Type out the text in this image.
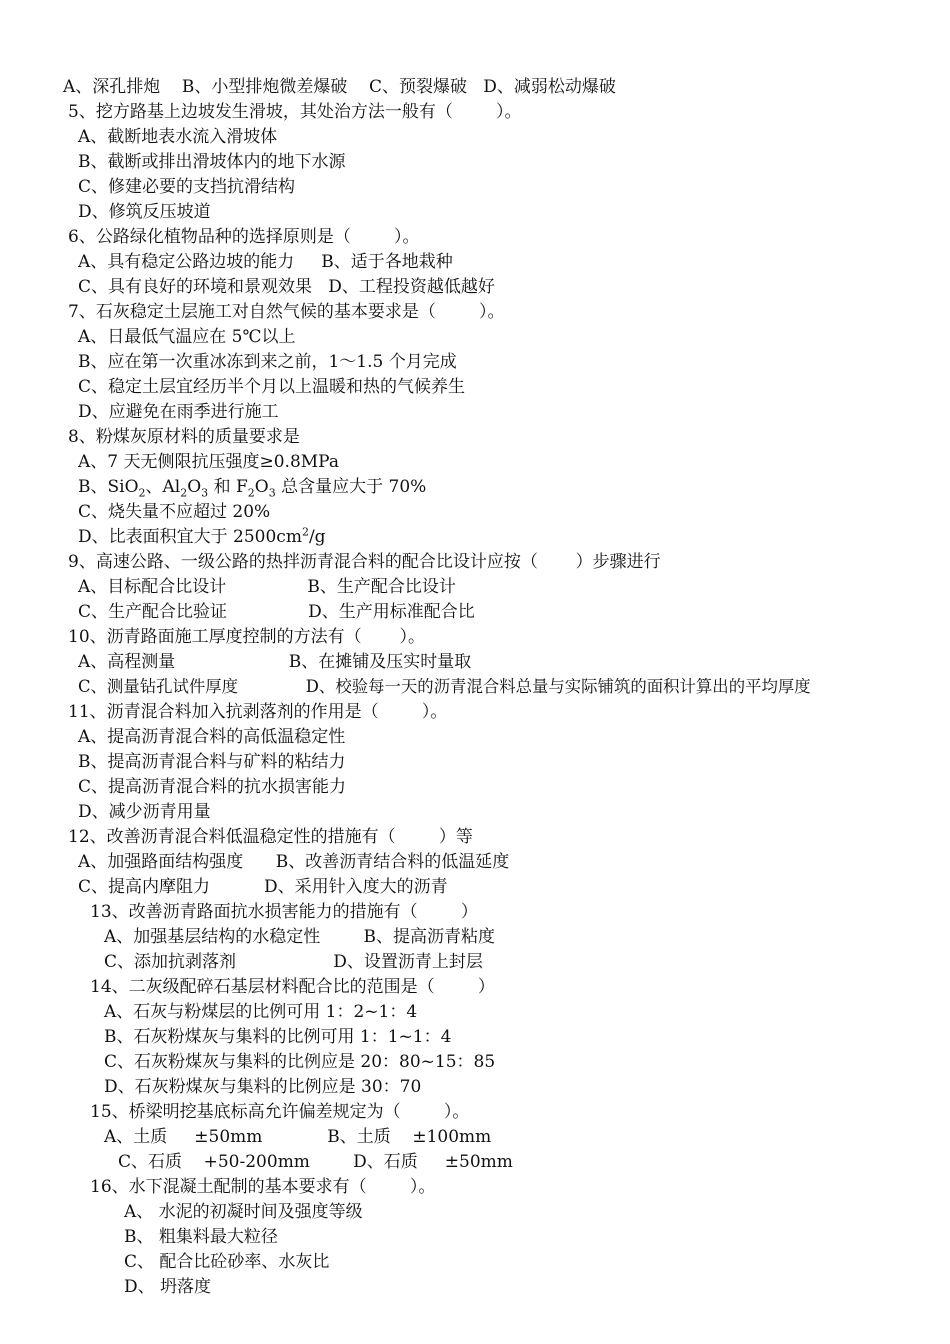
A、深孔排炮    B、小型排炮微差爆破    C、预裂爆破   D、减弱松动爆破
5、挖方路基上边坡发生滑坡，其处治方法一般有（        ）。
A、截断地表水流入滑坡体
B、截断或排出滑坡体内的地下水源
C、修建必要的支挡抗滑结构
D、修筑反压坡道
6、公路绿化植物品种的选择原则是（        ）。
A、具有稳定公路边坡的能力     B、适于各地栽种
C、具有良好的环境和景观效果   D、工程投资越低越好
7、石灰稳定土层施工对自然气候的基本要求是（        ）。
A、日最低气温应在 5℃以上
B、应在第一次重冰冻到来之前，1～1.5 个月完成
C、稳定土层宜经历半个月以上温暖和热的气候养生
D、应避免在雨季进行施工
8、粉煤灰原材料的质量要求是
A、7 天无侧限抗压强度≥0.8MPa
B、SiO$_2$、$Al_2O_3$ 和 $F_2O_3$ 总含量应大于 70%
C、烧失量不应超过 20%
D、比表面积宜大于 $2500cm^2/g$
9、高速公路、一级公路的热拌沥青混合料的配合比设计应按（       ）步骤进行
A、目标配合比设计               B、生产配合比设计
C、生产配合比验证               D、生产用标准配合比
10、沥青路面施工厚度控制的方法有（       ）。
A、高程测量                     B、在摊铺及压实时量取
C、测量钻孔试件厚度             D、校验每一天的沥青混合料总量与实际铺筑的面积计算出的平均厚度
11、沥青混合料加入抗剥落剂的作用是（        ）。
A、提高沥青混合料的高低温稳定性
B、提高沥青混合料与矿料的粘结力
C、提高沥青混合料的抗水损害能力
D、减少沥青用量
12、改善沥青混合料低温稳定性的措施有（        ）等
A、加强路面结构强度      B、改善沥青结合料的低温延度
C、提高内摩阻力          D、采用针入度大的沥青
13、改善沥青路面抗水损害能力的措施有（        ）
A、加强基层结构的水稳定性        B、提高沥青粘度
C、添加抗剥落剂                  D、设置沥青上封层
14、二灰级配碎石基层材料配合比的范围是（        ）
A、石灰与粉煤层的比例可用 1：2~1：4
B、石灰粉煤灰与集料的比例可用 1：1~1：4
C、石灰粉煤灰与集料的比例应是 20：80~15：85
D、石灰粉煤灰与集料的比例应是 30：70
15、桥梁明挖基底标高允许偏差规定为（        ）。
A、土质     ±50mm            B、土质    ±100mm
C、石质    +50-200mm        D、石质     ±50mm
16、水下混凝土配制的基本要求有（        ）。
A、 水泥的初凝时间及强度等级
B、 粗集料最大粒径
C、 配合比砼砂率、水灰比
D、 坍落度
